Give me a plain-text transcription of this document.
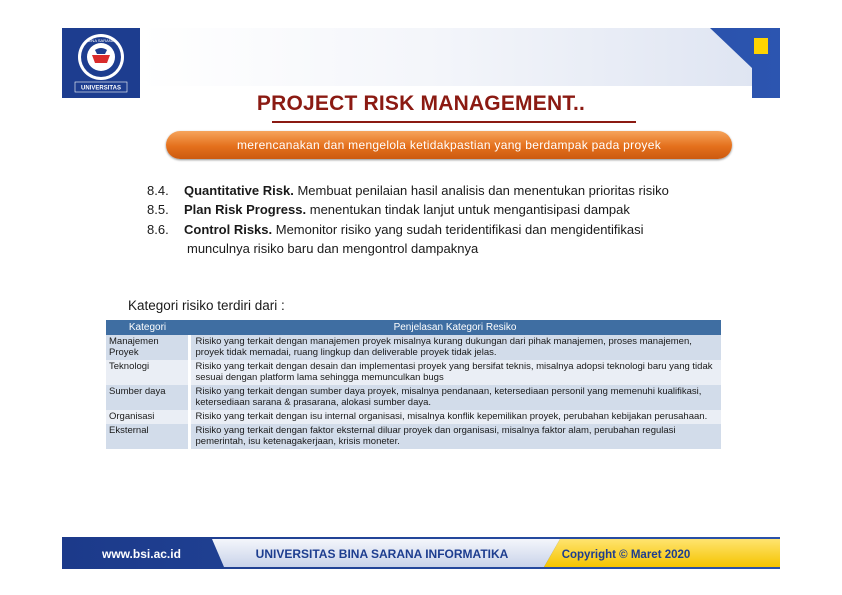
BINA SARANA
UNIVERSITAS
PROJECT RISK MANAGEMENT..
merencanakan dan mengelola ketidakpastian yang berdampak pada proyek
8.4. Quantitative Risk. Membuat penilaian hasil analisis dan menentukan prioritas risiko
8.5. Plan Risk Progress. menentukan tindak lanjut untuk mengantisipasi dampak
8.6. Control Risks. Memonitor risiko yang sudah teridentifikasi dan mengidentifikasi
munculnya risiko baru dan mengontrol dampaknya
Kategori risiko terdiri dari :
Kategori	Penjelasan Kategori Resiko
Manajemen Proyek	Risiko yang terkait dengan manajemen proyek misalnya kurang dukungan dari pihak manajemen, proses manajemen, proyek tidak memadai, ruang lingkup dan deliverable proyek tidak jelas.
Teknologi	Risiko yang terkait dengan desain dan implementasi proyek yang bersifat teknis, misalnya adopsi teknologi baru yang tidak sesuai dengan platform lama sehingga memunculkan bugs
Sumber daya	Risiko yang terkait dengan sumber daya proyek, misalnya pendanaan, ketersediaan personil yang memenuhi kualifikasi, ketersediaan sarana & prasarana, alokasi sumber daya.
Organisasi	Risiko yang terkait dengan isu internal organisasi, misalnya konflik kepemilikan proyek, perubahan kebijakan perusahaan.
Eksternal	Risiko yang terkait dengan faktor eksternal diluar proyek dan organisasi, misalnya faktor alam, perubahan regulasi pemerintah, isu ketenagakerjaan, krisis moneter.
www.bsi.ac.id	UNIVERSITAS BINA SARANA INFORMATIKA	Copyright © Maret 2020
